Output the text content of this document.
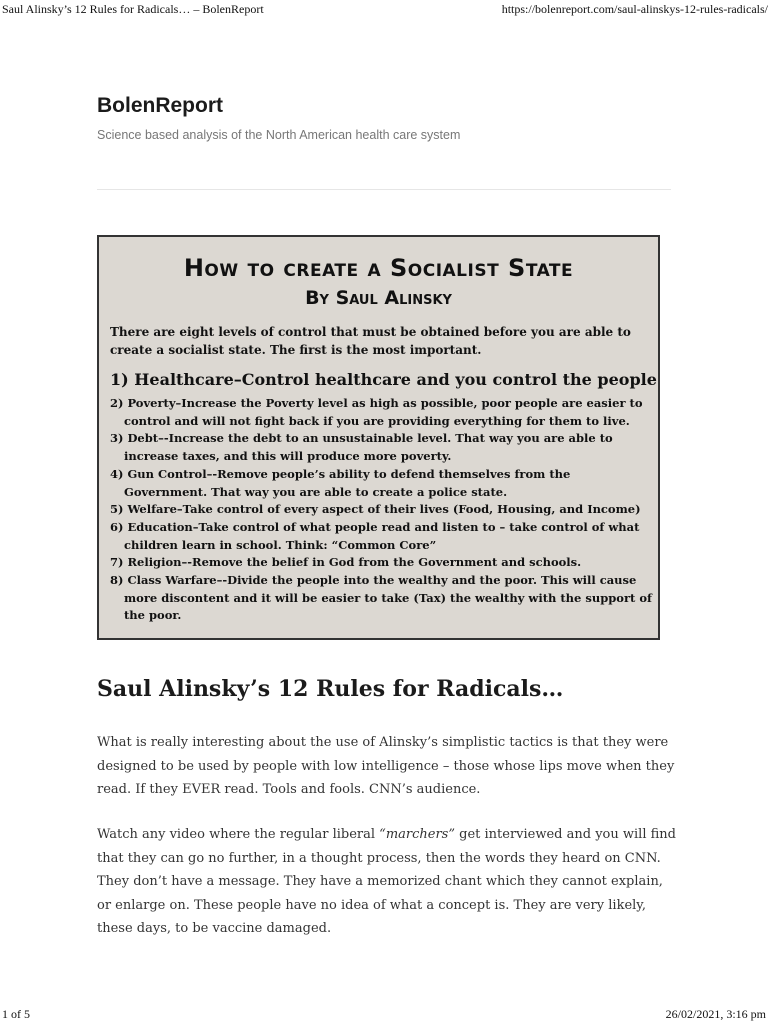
Saul Alinsky’s 12 Rules for Radicals… – BolenReport	https://bolenreport.com/saul-alinskys-12-rules-radicals/
BolenReport
Science based analysis of the North American health care system
How to create a Socialist State
By Saul Alinsky
There are eight levels of control that must be obtained before you are able to create a socialist state. The first is the most important.
1) Healthcare–Control healthcare and you control the people
2) Poverty–Increase the Poverty level as high as possible, poor people are easier to control and will not fight back if you are providing everything for them to live.
3) Debt–-Increase the debt to an unsustainable level. That way you are able to increase taxes, and this will produce more poverty.
4) Gun Control–-Remove people’s ability to defend themselves from the Government. That way you are able to create a police state.
5) Welfare–Take control of every aspect of their lives (Food, Housing, and Income)
6) Education–Take control of what people read and listen to – take control of what children learn in school. Think: “Common Core”
7) Religion–-Remove the belief in God from the Government and schools.
8) Class Warfare–-Divide the people into the wealthy and the poor. This will cause more discontent and it will be easier to take (Tax) the wealthy with the support of the poor.
Saul Alinsky’s 12 Rules for Radicals…

What is really interesting about the use of Alinsky’s simplistic tactics is that they were designed to be used by people with low intelligence – those whose lips move when they read. If they EVER read. Tools and fools. CNN’s audience.

Watch any video where the regular liberal “marchers” get interviewed and you will find that they can go no further, in a thought process, then the words they heard on CNN. They don’t have a message. They have a memorized chant which they cannot explain, or enlarge on. These people have no idea of what a concept is. They are very likely, these days, to be vaccine damaged.

1 of 5	26/02/2021, 3:16 pm
